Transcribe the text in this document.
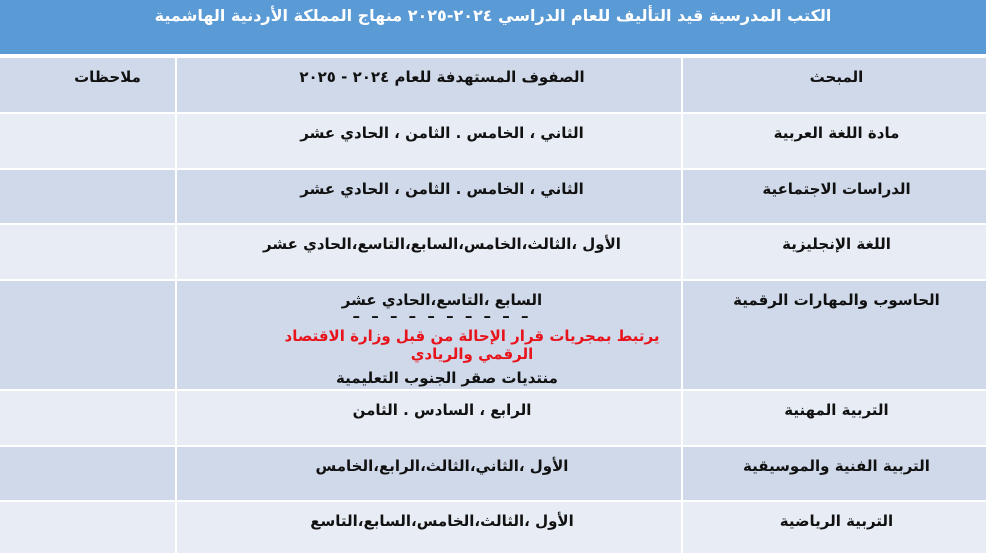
الكتب المدرسية قيد التأليف للعام الدراسي ٢٠٢٤-٢٠٢٥ منهاج المملكة الأردنية الهاشمية
المبحث	الصفوف المستهدفة للعام ٢٠٢٤ - ٢٠٢٥	ملاحظات
مادة اللغة العربية	الثاني ، الخامس . الثامن ، الحادي عشر	
الدراسات الاجتماعية	الثاني ، الخامس . الثامن ، الحادي عشر	
اللغة الإنجليزية	الأول ،الثالث،الخامس،السابع،التاسع،الحادي عشر	
الحاسوب والمهارات الرقمية	السابع ،التاسع،الحادي عشر
– – – – – – – – – –
يرتبط بمجريات قرار الإحالة من قبل وزارة الاقتصاد الرقمي والريادي
منتديات صقر الجنوب التعليمية	

التربية المهنية	الرابع ، السادس . الثامن	
التربية الفنية والموسيقية	الأول ،الثاني،الثالث،الرابع،الخامس	
التربية الرياضية	الأول ،الثالث،الخامس،السابع،التاسع	
